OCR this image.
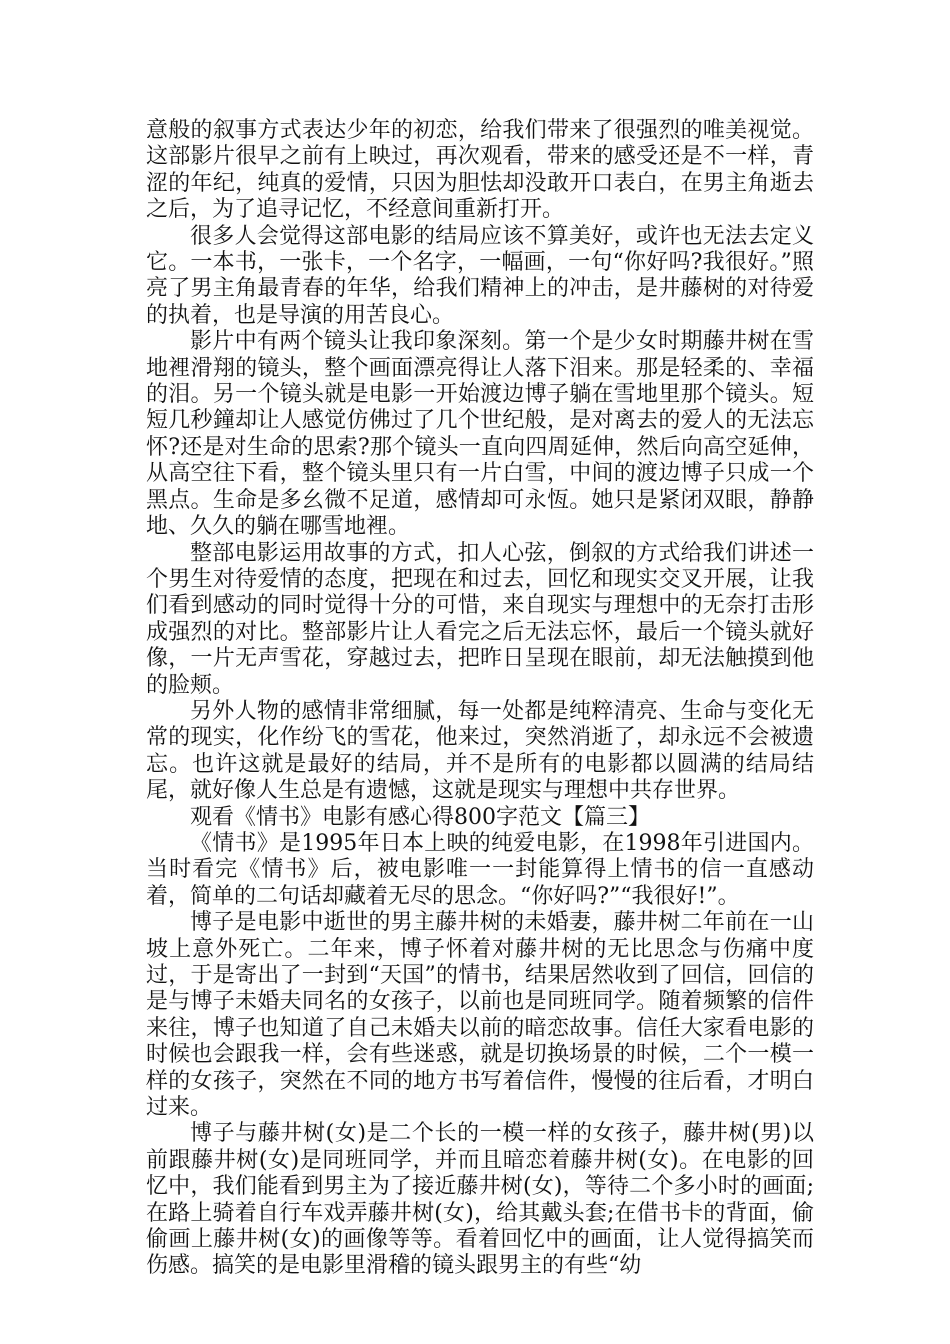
意般的叙事方式表达少年的初恋，给我们带来了很强烈的唯美视觉。这部影片很早之前有上映过，再次观看，带来的感受还是不一样，青涩的年纪，纯真的爱情，只因为胆怯却没敢开口表白，在男主角逝去之后，为了追寻记忆，不经意间重新打开。

很多人会觉得这部电影的结局应该不算美好，或许也无法去定义它。一本书，一张卡，一个名字，一幅画，一句“你好吗?我很好。”照亮了男主角最青春的年华，给我们精神上的冲击，是井藤树的对待爱的执着，也是导演的用苦良心。

影片中有两个镜头让我印象深刻。第一个是少女时期藤井树在雪地裡滑翔的镜头，整个画面漂亮得让人落下泪来。那是轻柔的、幸福的泪。另一个镜头就是电影一开始渡边博子躺在雪地里那个镜头。短短几秒鐘却让人感觉仿佛过了几个世纪般，是对离去的爱人的无法忘怀?还是对生命的思索?那个镜头一直向四周延伸，然后向高空延伸，从高空往下看，整个镜头里只有一片白雪，中间的渡边博子只成一个黑点。生命是多幺微不足道，感情却可永恆。她只是紧闭双眼，静静地、久久的躺在哪雪地裡。

整部电影运用故事的方式，扣人心弦，倒叙的方式给我们讲述一个男生对待爱情的态度，把现在和过去，回忆和现实交叉开展，让我们看到感动的同时觉得十分的可惜，来自现实与理想中的无奈打击形成强烈的对比。整部影片让人看完之后无法忘怀，最后一个镜头就好像，一片无声雪花，穿越过去，把昨日呈现在眼前，却无法触摸到他的脸颊。

另外人物的感情非常细腻，每一处都是纯粹清亮、生命与变化无常的现实，化作纷飞的雪花，他来过，突然消逝了，却永远不会被遗忘。也许这就是最好的结局，并不是所有的电影都以圆满的结局结尾，就好像人生总是有遗憾，这就是现实与理想中共存世界。

观看《情书》电影有感心得800字范文【篇三】

《情书》是1995年日本上映的纯爱电影，在1998年引进国内。当时看完《情书》后，被电影唯一一封能算得上情书的信一直感动着，简单的二句话却藏着无尽的思念。“你好吗?”“我很好!”。

博子是电影中逝世的男主藤井树的未婚妻，藤井树二年前在一山坡上意外死亡。二年来，博子怀着对藤井树的无比思念与伤痛中度过，于是寄出了一封到“天国”的情书，结果居然收到了回信，回信的是与博子未婚夫同名的女孩子，以前也是同班同学。随着频繁的信件来往，博子也知道了自己未婚夫以前的暗恋故事。信任大家看电影的时候也会跟我一样，会有些迷惑，就是切换场景的时候，二个一模一样的女孩子，突然在不同的地方书写着信件，慢慢的往后看，才明白过来。

博子与藤井树(女)是二个长的一模一样的女孩子，藤井树(男)以前跟藤井树(女)是同班同学，并而且暗恋着藤井树(女)。在电影的回忆中，我们能看到男主为了接近藤井树(女)，等待二个多小时的画面;在路上骑着自行车戏弄藤井树(女)，给其戴头套;在借书卡的背面，偷偷画上藤井树(女)的画像等等。看着回忆中的画面，让人觉得搞笑而伤感。搞笑的是电影里滑稽的镜头跟男主的有些“幼
